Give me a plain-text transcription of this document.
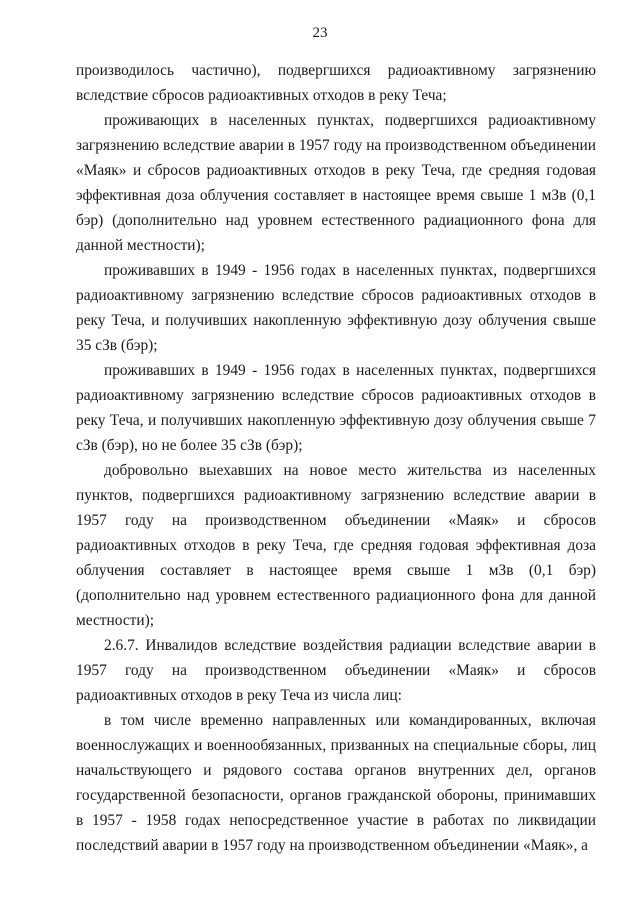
23

производилось частично), подвергшихся радиоактивному загрязнению вследствие сбросов радиоактивных отходов в реку Теча;

проживающих в населенных пунктах, подвергшихся радиоактивному загрязнению вследствие аварии в 1957 году на производственном объединении «Маяк» и сбросов радиоактивных отходов в реку Теча, где средняя годовая эффективная доза облучения составляет в настоящее время свыше 1 мЗв (0,1 бэр) (дополнительно над уровнем естественного радиационного фона для данной местности);

проживавших в 1949 - 1956 годах в населенных пунктах, подвергшихся радиоактивному загрязнению вследствие сбросов радиоактивных отходов в реку Теча, и получивших накопленную эффективную дозу облучения свыше 35 сЗв (бэр);

проживавших в 1949 - 1956 годах в населенных пунктах, подвергшихся радиоактивному загрязнению вследствие сбросов радиоактивных отходов в реку Теча, и получивших накопленную эффективную дозу облучения свыше 7 сЗв (бэр), но не более 35 сЗв (бэр);

добровольно выехавших на новое место жительства из населенных пунктов, подвергшихся радиоактивному загрязнению вследствие аварии в 1957 году на производственном объединении «Маяк» и сбросов радиоактивных отходов в реку Теча, где средняя годовая эффективная доза облучения составляет в настоящее время свыше 1 мЗв (0,1 бэр) (дополнительно над уровнем естественного радиационного фона для данной местности);

2.6.7. Инвалидов вследствие воздействия радиации вследствие аварии в 1957 году на производственном объединении «Маяк» и сбросов радиоактивных отходов в реку Теча из числа лиц:

в том числе временно направленных или командированных, включая военнослужащих и военнообязанных, призванных на специальные сборы, лиц начальствующего и рядового состава органов внутренних дел, органов государственной безопасности, органов гражданской обороны, принимавших в 1957 - 1958 годах непосредственное участие в работах по ликвидации последствий аварии в 1957 году на производственном объединении «Маяк», а
